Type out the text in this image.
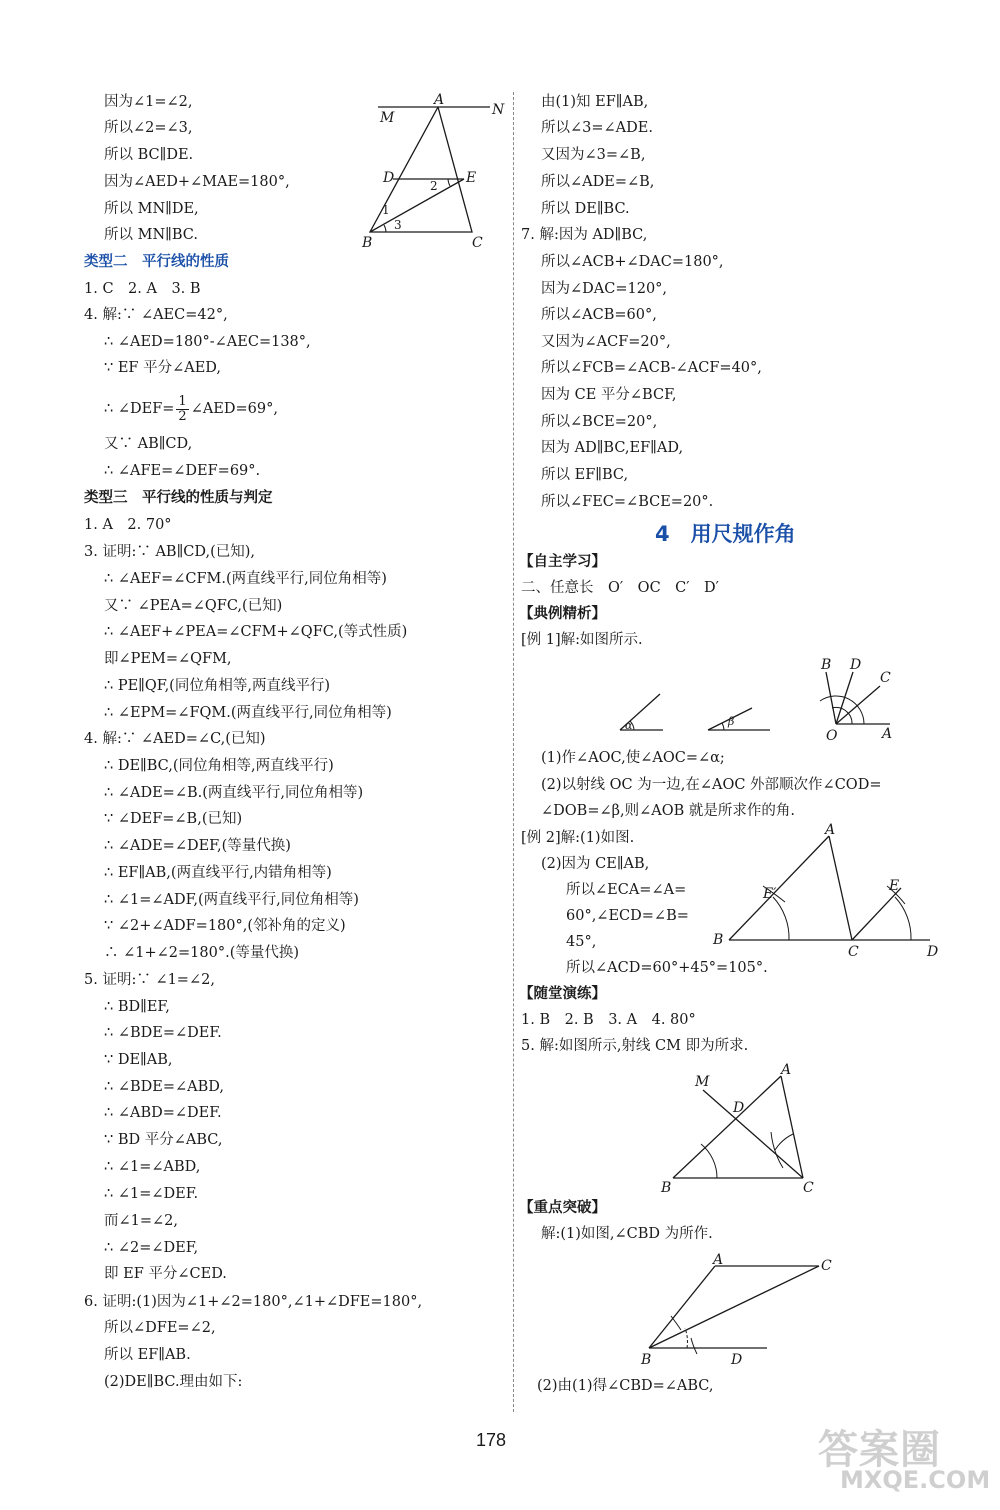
因为∠1=∠2,
所以∠2=∠3,
所以 BC∥DE.
因为∠AED+∠MAE=180°,
所以 MN∥DE,
所以 MN∥BC.
类型二　平行线的性质
1. C　2. A　3. B
4. 解:∵ ∠AEC=42°,
∴ ∠AED=180°-∠AEC=138°,
∵ EF 平分∠AED,
∴ ∠DEF= $\frac{1}{2}$ ∠AED=69°,
又∵ AB∥CD,
∴ ∠AFE=∠DEF=69°.
类型三　平行线的性质与判定
1. A　2. 70°
3. 证明:∵ AB∥CD,(已知),
∴ ∠AEF=∠CFM.(两直线平行,同位角相等)
又∵ ∠PEA=∠QFC,(已知)
∴ ∠AEF+∠PEA=∠CFM+∠QFC,(等式性质)
即∠PEM=∠QFM,
∴ PE∥QF,(同位角相等,两直线平行)
∴ ∠EPM=∠FQM.(两直线平行,同位角相等)
4. 解:∵ ∠AED=∠C,(已知)
∴ DE∥BC,(同位角相等,两直线平行)
∴ ∠ADE=∠B.(两直线平行,同位角相等)
∵ ∠DEF=∠B,(已知)
∴ ∠ADE=∠DEF,(等量代换)
∴ EF∥AB,(两直线平行,内错角相等)
∴ ∠1=∠ADF,(两直线平行,同位角相等)
∵ ∠2+∠ADF=180°,(邻补角的定义)
∴ ∠1+∠2=180°.(等量代换)
5. 证明:∵ ∠1=∠2,
∴ BD∥EF,
∴ ∠BDE=∠DEF.
∵ DE∥AB,
∴ ∠BDE=∠ABD,
∴ ∠ABD=∠DEF.
∵ BD 平分∠ABC,
∴ ∠1=∠ABD,
∴ ∠1=∠DEF.
而∠1=∠2,
∴ ∠2=∠DEF,
即 EF 平分∠CED.
6. 证明:(1)因为∠1+∠2=180°,∠1+∠DFE=180°,
所以∠DFE=∠2,
所以 EF∥AB.
(2)DE∥BC.理由如下:
A
M	N
D	E
B	C
1
2
3
由(1)知 EF∥AB,
所以∠3=∠ADE.
又因为∠3=∠B,
所以∠ADE=∠B,
所以 DE∥BC.
7. 解:因为 AD∥BC,
所以∠ACB+∠DAC=180°,
因为∠DAC=120°,
所以∠ACB=60°,
又因为∠ACF=20°,
所以∠FCB=∠ACB-∠ACF=40°,
因为 CE 平分∠BCF,
所以∠BCE=20°,
因为 AD∥BC,EF∥AD,
所以 EF∥BC,
所以∠FEC=∠BCE=20°.
4　用尺规作角
【自主学习】
二、任意长　O′　OC　C′　D′
【典例精析】
[例 1]解:如图所示.
α	β
B D
C
O	A
(1)作∠AOC,使∠AOC=∠α;
(2)以射线 OC 为一边,在∠AOC 外部顺次作∠COD=
∠DOB=∠β,则∠AOB 就是所求作的角.
[例 2]解:(1)如图.
(2)因为 CE∥AB,
所以∠ECA=∠A=
60°,∠ECD=∠B=
45°,
所以∠ACD=60°+45°=105°.
A
E′	E
B
C	D
【随堂演练】
1. B　2. B　3. A　4. 80°
5. 解:如图所示,射线 CM 即为所求.
M
A
D
B	C
【重点突破】
解:(1)如图,∠CBD 为所作.
A	C
B	D
(2)由(1)得∠CBD=∠ABC,
178	答案圈
MXQE.COM
